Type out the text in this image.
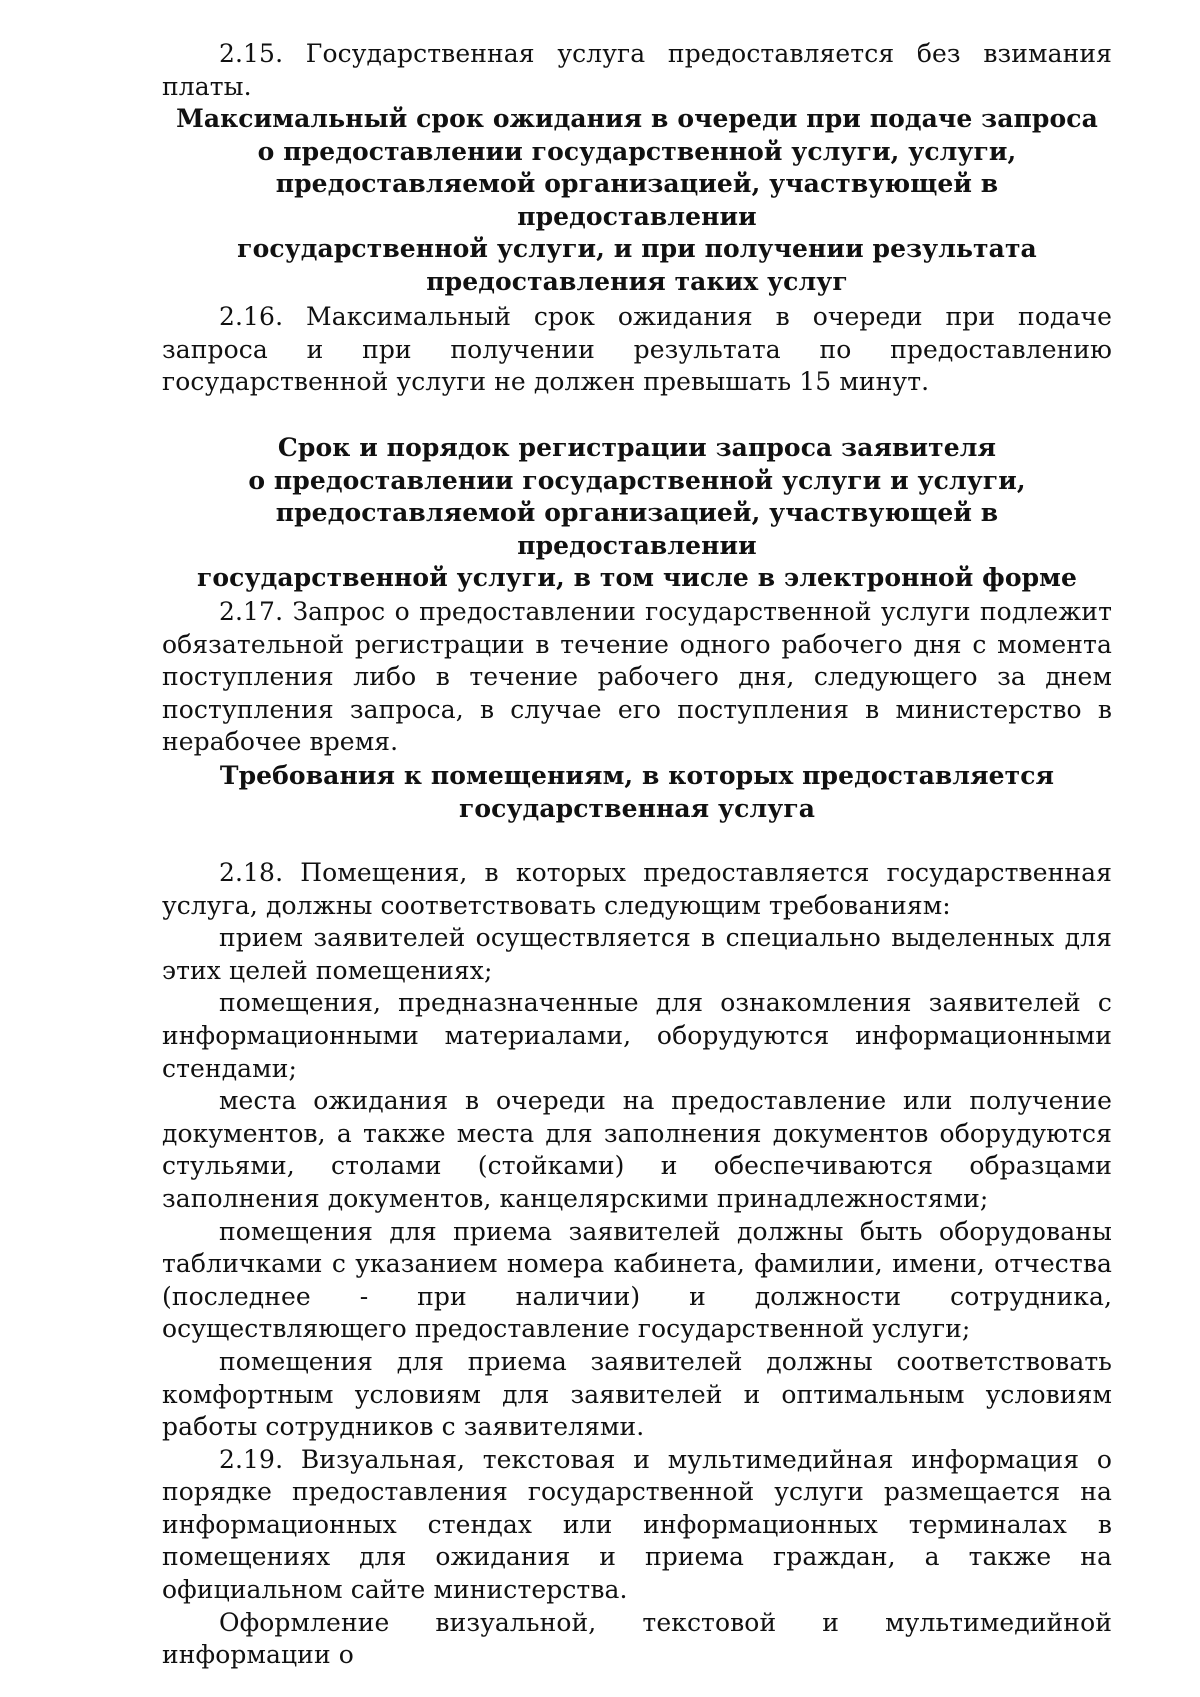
2.15. Государственная услуга предоставляется без взимания платы.

Максимальный срок ожидания в очереди при подаче запроса
о предоставлении государственной услуги, услуги,
предоставляемой организацией, участвующей в предоставлении
государственной услуги, и при получении результата
предоставления таких услуг

2.16. Максимальный срок ожидания в очереди при подаче запроса и при получении результата по предоставлению государственной услуги не должен превышать 15 минут.

Срок и порядок регистрации запроса заявителя
о предоставлении государственной услуги и услуги,
предоставляемой организацией, участвующей в предоставлении
государственной услуги, в том числе в электронной форме

2.17. Запрос о предоставлении государственной услуги подлежит обязательной регистрации в течение одного рабочего дня с момента поступления либо в течение рабочего дня, следующего за днем поступления запроса, в случае его поступления в министерство в нерабочее время.

Требования к помещениям, в которых предоставляется
государственная услуга

2.18. Помещения, в которых предоставляется государственная услуга, должны соответствовать следующим требованиям:

прием заявителей осуществляется в специально выделенных для этих целей помещениях;

помещения, предназначенные для ознакомления заявителей с информационными материалами, оборудуются информационными стендами;

места ожидания в очереди на предоставление или получение документов, а также места для заполнения документов оборудуются стульями, столами (стойками) и обеспечиваются образцами заполнения документов, канцелярскими принадлежностями;

помещения для приема заявителей должны быть оборудованы табличками с указанием номера кабинета, фамилии, имени, отчества (последнее - при наличии) и должности сотрудника, осуществляющего предоставление государственной услуги;

помещения для приема заявителей должны соответствовать комфортным условиям для заявителей и оптимальным условиям работы сотрудников с заявителями.

2.19. Визуальная, текстовая и мультимедийная информация о порядке предоставления государственной услуги размещается на информационных стендах или информационных терминалах в помещениях для ожидания и приема граждан, а также на официальном сайте министерства.

Оформление визуальной, текстовой и мультимедийной информации о
